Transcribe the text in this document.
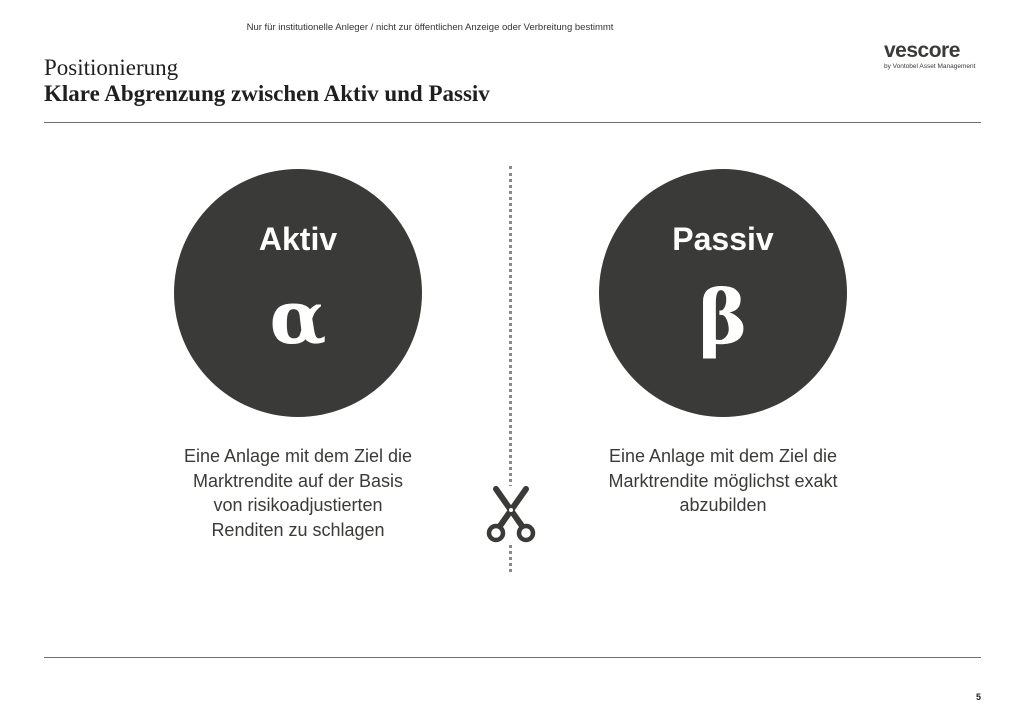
Nur für institutionelle Anleger / nicht zur öffentlichen Anzeige oder Verbreitung bestimmt
vescore
by Vontobel Asset Management
Positionierung
Klare Abgrenzung zwischen Aktiv und Passiv
Aktiv
α
Passiv
β
Eine Anlage mit dem Ziel die Marktrendite auf der Basis von risikoadjustierten Renditen zu schlagen
Eine Anlage mit dem Ziel die Marktrendite möglichst exakt abzubilden
5
